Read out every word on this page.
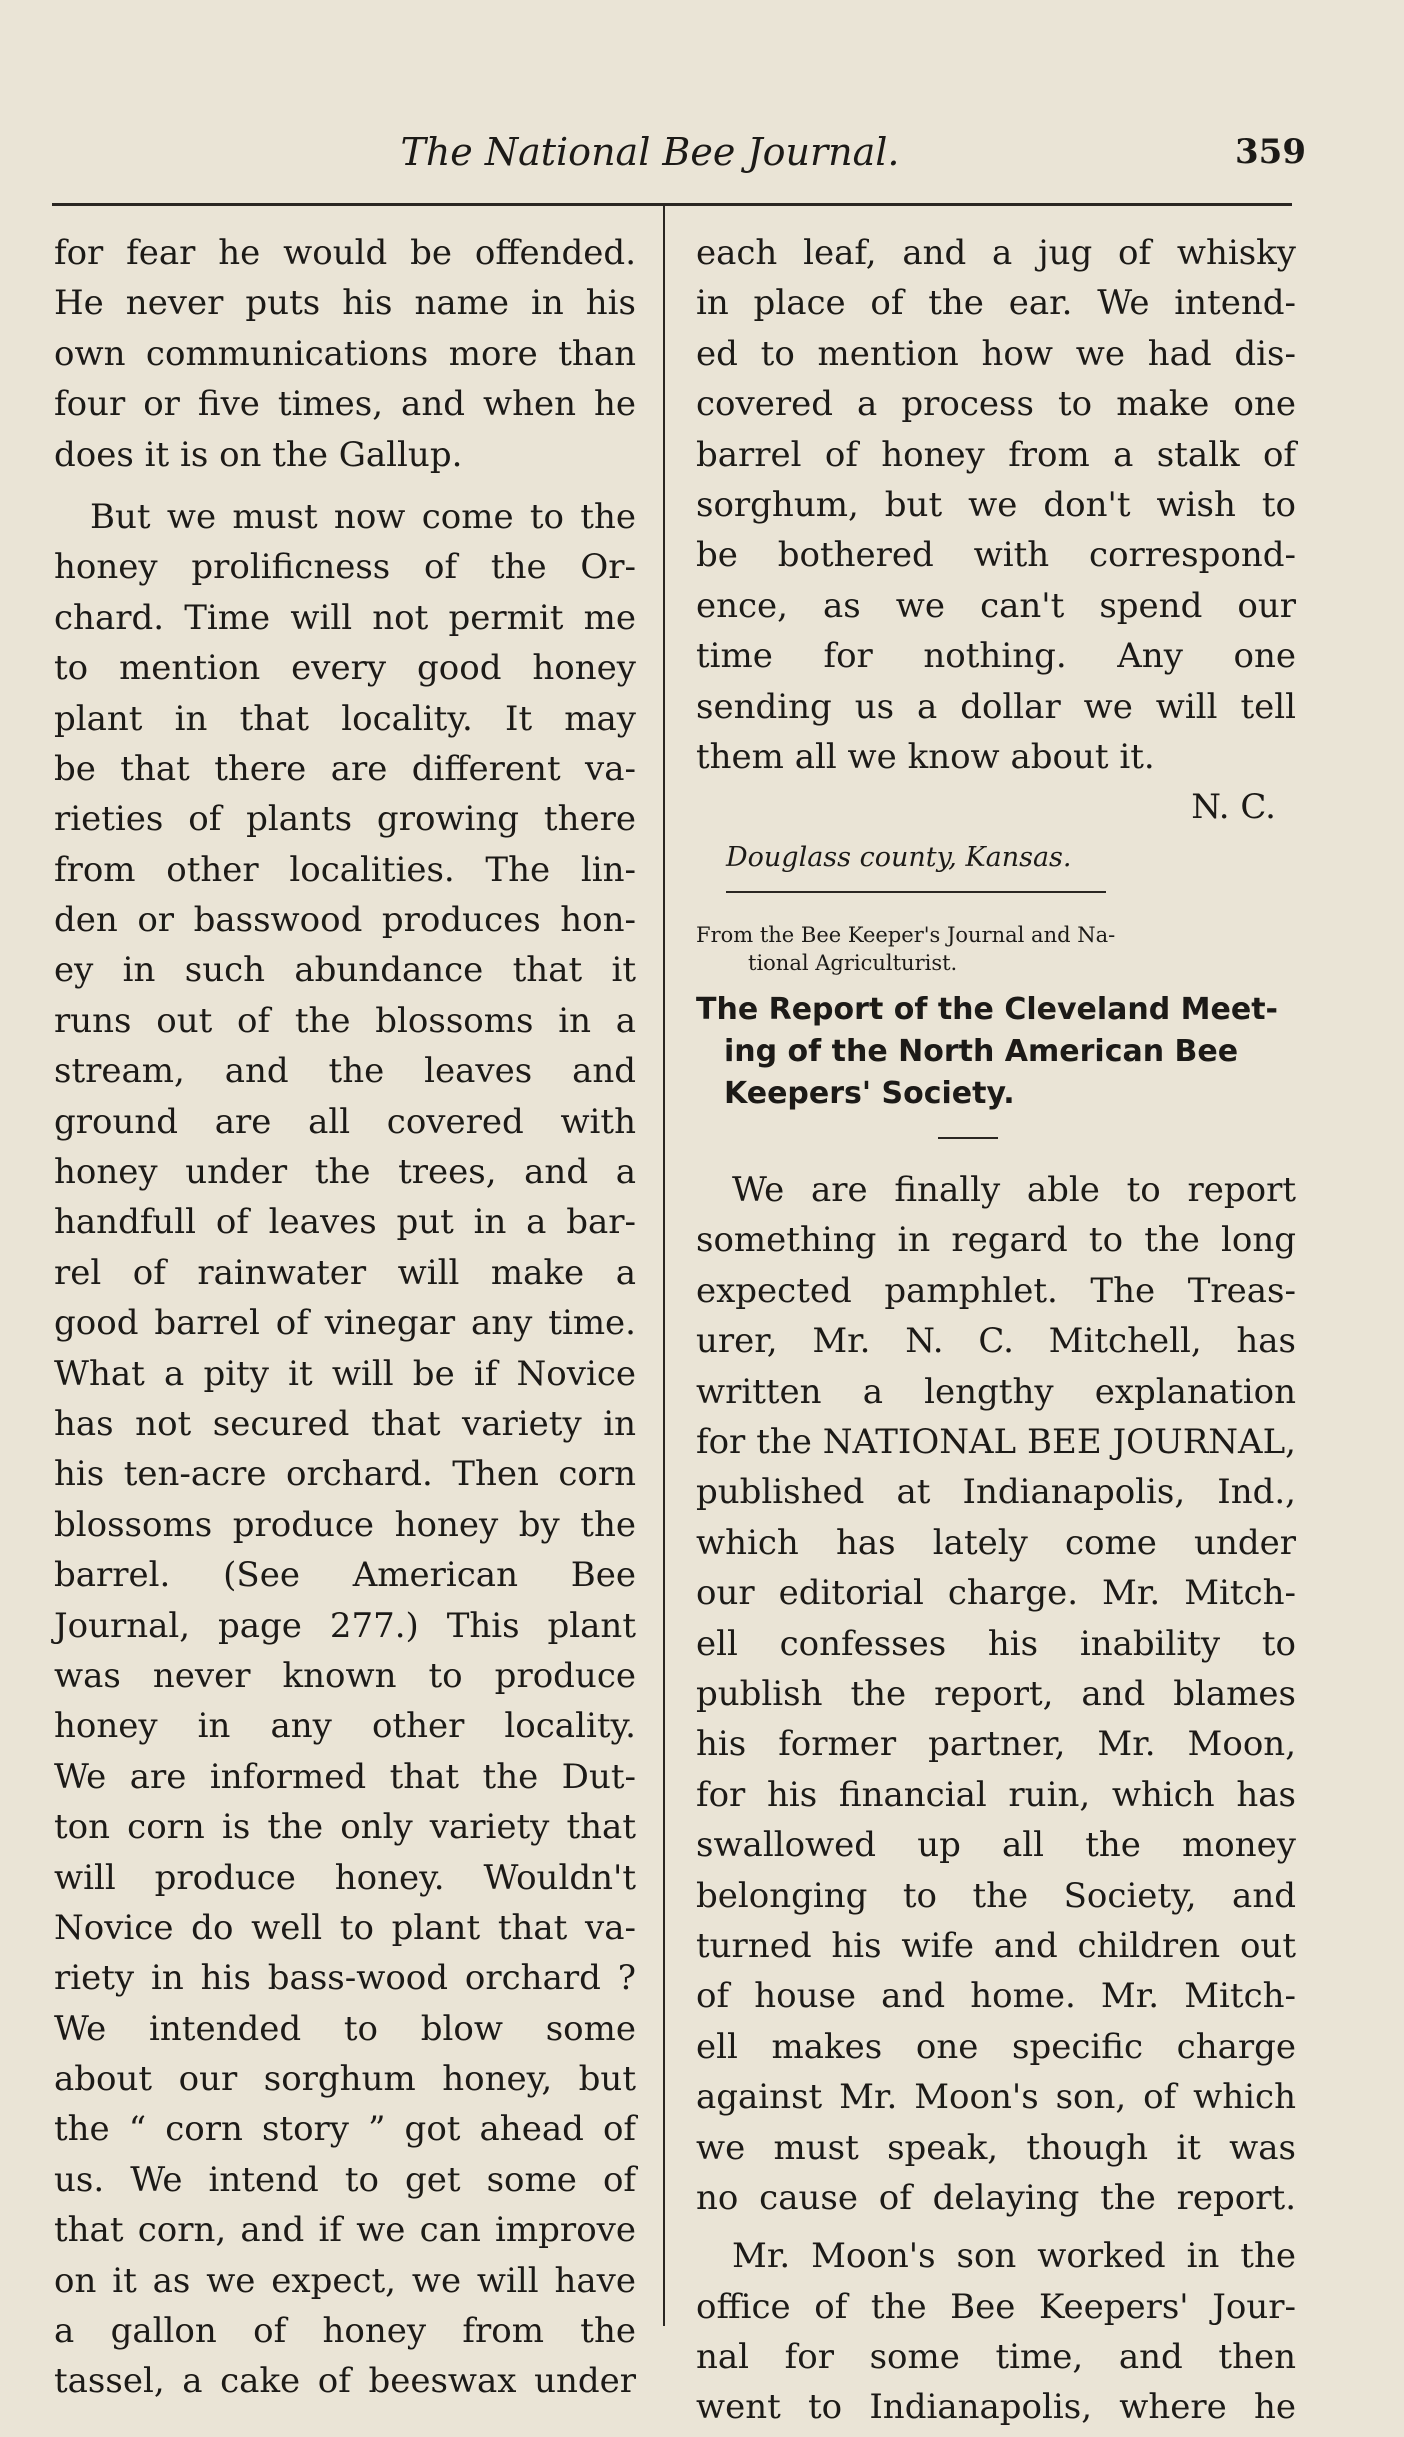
The National Bee Journal.	359
for fear he would be offended.
He never puts his name in his
own communications more than
four or five times, and when he
does it is on the Gallup.
But we must now come to the
honey prolificness of the Or-
chard. Time will not permit me
to mention every good honey
plant in that locality. It may
be that there are different va-
rieties of plants growing there
from other localities. The lin-
den or basswood produces hon-
ey in such abundance that it
runs out of the blossoms in a
stream, and the leaves and
ground are all covered with
honey under the trees, and a
handfull of leaves put in a bar-
rel of rainwater will make a
good barrel of vinegar any time.
What a pity it will be if Novice
has not secured that variety in
his ten-acre orchard. Then corn
blossoms produce honey by the
barrel. (See American Bee
Journal, page 277.) This plant
was never known to produce
honey in any other locality.
We are informed that the Dut-
ton corn is the only variety that
will produce honey. Wouldn't
Novice do well to plant that va-
riety in his bass-wood orchard ?
We intended to blow some
about our sorghum honey, but
the “ corn story ” got ahead of
us. We intend to get some of
that corn, and if we can improve
on it as we expect, we will have
a gallon of honey from the
tassel, a cake of beeswax under
each leaf, and a jug of whisky
in place of the ear. We intend-
ed to mention how we had dis-
covered a process to make one
barrel of honey from a stalk of
sorghum, but we don't wish to
be bothered with correspond-
ence, as we can't spend our
time for nothing. Any one
sending us a dollar we will tell
them all we know about it.
N. C.
Douglass county, Kansas.
From the Bee Keeper's Journal and Na-
tional Agriculturist.
The Report of the Cleveland Meet-
ing of the North American Bee
Keepers' Society.
We are finally able to report
something in regard to the long
expected pamphlet. The Treas-
urer, Mr. N. C. Mitchell, has
written a lengthy explanation
for the NATIONAL BEE JOURNAL,
published at Indianapolis, Ind.,
which has lately come under
our editorial charge. Mr. Mitch-
ell confesses his inability to
publish the report, and blames
his former partner, Mr. Moon,
for his financial ruin, which has
swallowed up all the money
belonging to the Society, and
turned his wife and children out
of house and home. Mr. Mitch-
ell makes one specific charge
against Mr. Moon's son, of which
we must speak, though it was
no cause of delaying the report.
Mr. Moon's son worked in the
office of the Bee Keepers' Jour-
nal for some time, and then
went to Indianapolis, where he
